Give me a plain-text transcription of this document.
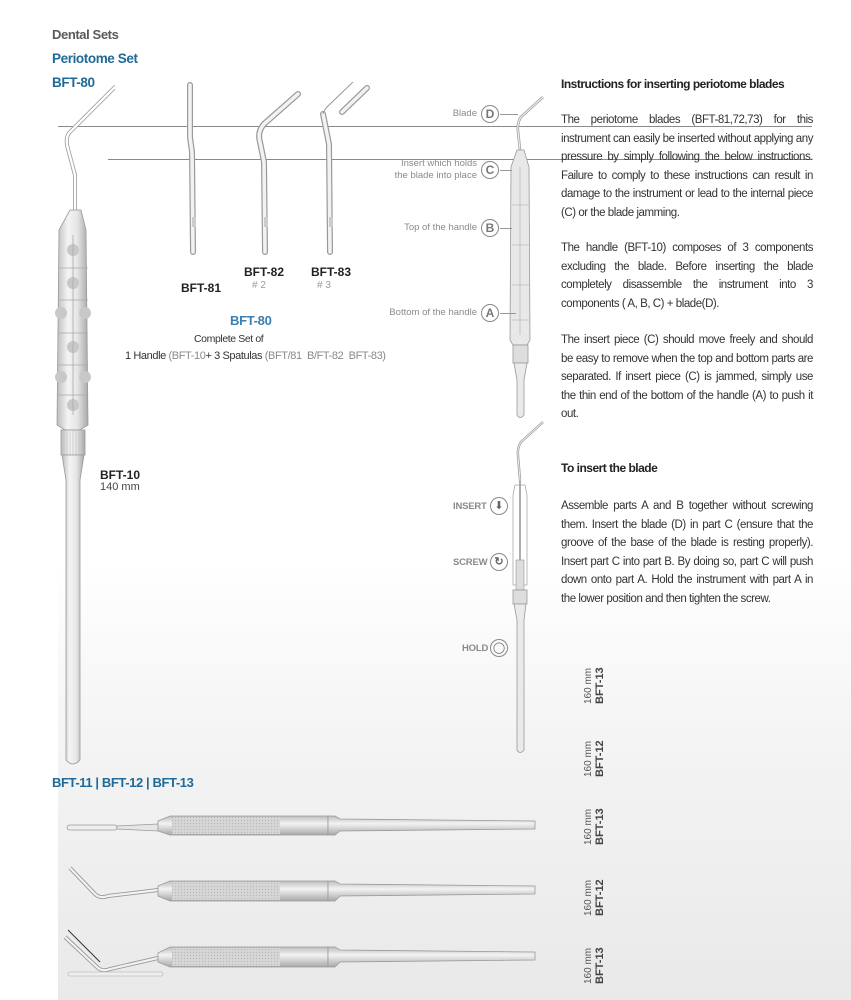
Dental Sets
Periotome Set
BFT-80
BFT-10
140 mm
BFT-81
BFT-82
# 2
BFT-83
# 3
BFT-80
Complete Set of
1 Handle (BFT-10+ 3 Spatulas (BFT/81  B/FT-82  BFT-83)
Blade D
Insert which holds
the blade into place C
Top of the handle B
Bottom of the handle A
INSERT ⬇
SCREW ↻
HOLD ◯
Instructions for inserting periotome blades
The periotome blades (BFT-81,72,73) for this instrument can easily be inserted without applying any pressure by simply following the below instructions. Failure to comply to these instructions can result in damage to the instrument or lead to the internal piece (C) or the blade jamming.
The handle (BFT-10) composes of 3 components excluding the blade. Before inserting the blade completely disassemble the instrument into 3 components ( A, B, C) + blade(D).
The insert piece (C) should move freely and should be easy to remove when the top and bottom parts are separated. If insert piece (C) is jammed, simply use the thin end of the bottom of the handle (A) to push it out.
To insert the blade
Assemble parts A and B together without screwing them. Insert the blade (D) in part C (ensure that the groove of the base of the blade is resting properly). Insert part C into part B. By doing so, part C will push down onto part A. Hold the instrument with part A in the lower position and then tighten the screw.
160 mm BFT-13
160 mm BFT-12
160 mm BFT-13
160 mm BFT-12
160 mm BFT-13
BFT-11 | BFT-12 | BFT-13
